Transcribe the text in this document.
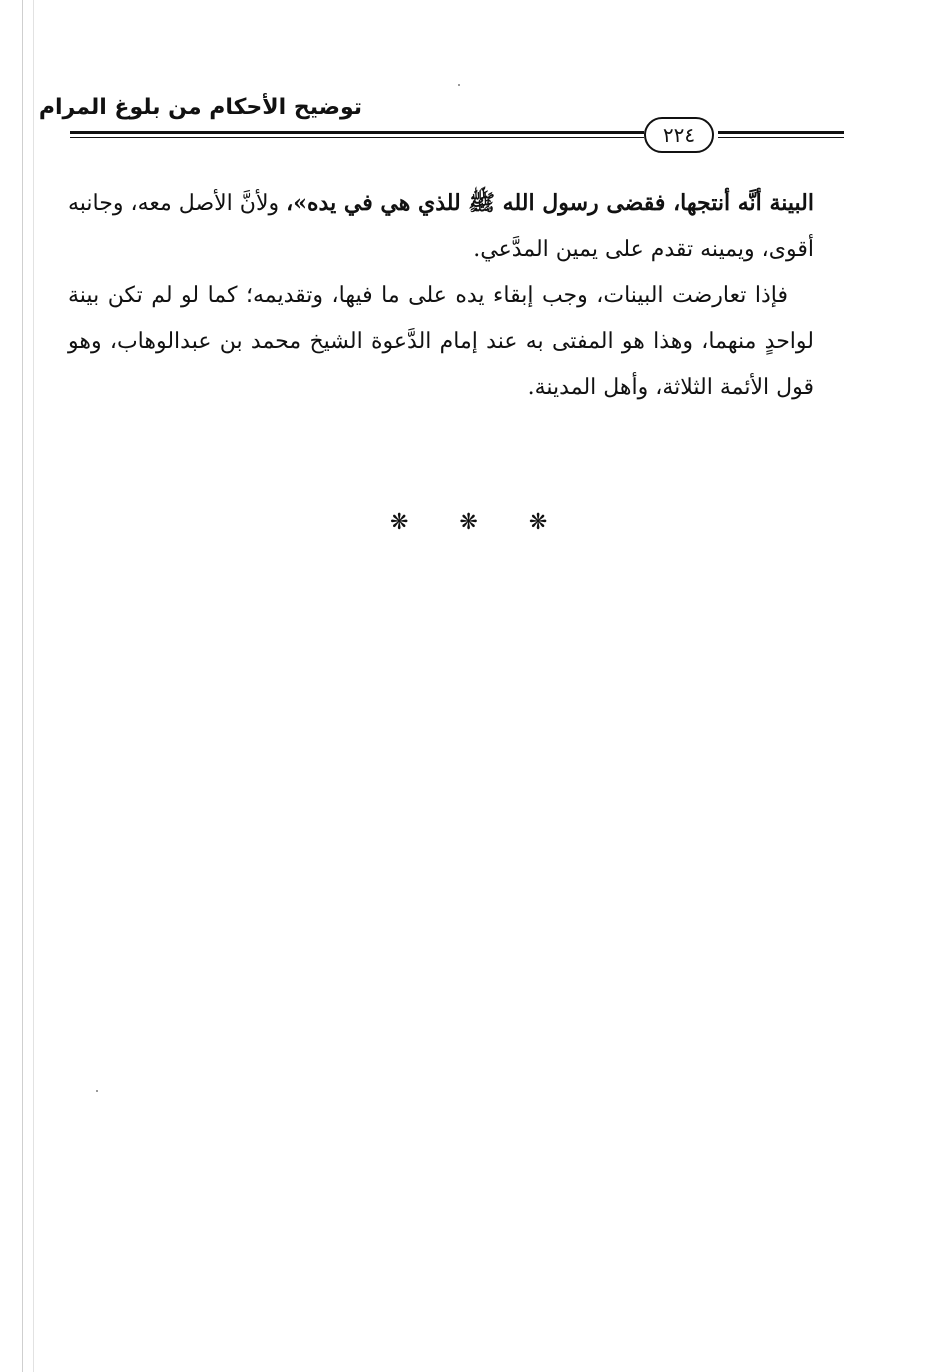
توضيح الأحكام من بلوغ المرام
٢٢٤

البينة أنَّه أنتجها، فقضى رسول الله ﷺ للذي هي في يده»، ولأنَّ الأصل معه، وجانبه أقوى، ويمينه تقدم على يمين المدَّعي.

فإذا تعارضت البينات، وجب إبقاء يده على ما فيها، وتقديمه؛ كما لو لم تكن بينة لواحدٍ منهما، وهذا هو المفتى به عند إمام الدَّعوة الشيخ محمد بن عبدالوهاب، وهو قول الأئمة الثلاثة، وأهل المدينة.

❋ ❋ ❋
